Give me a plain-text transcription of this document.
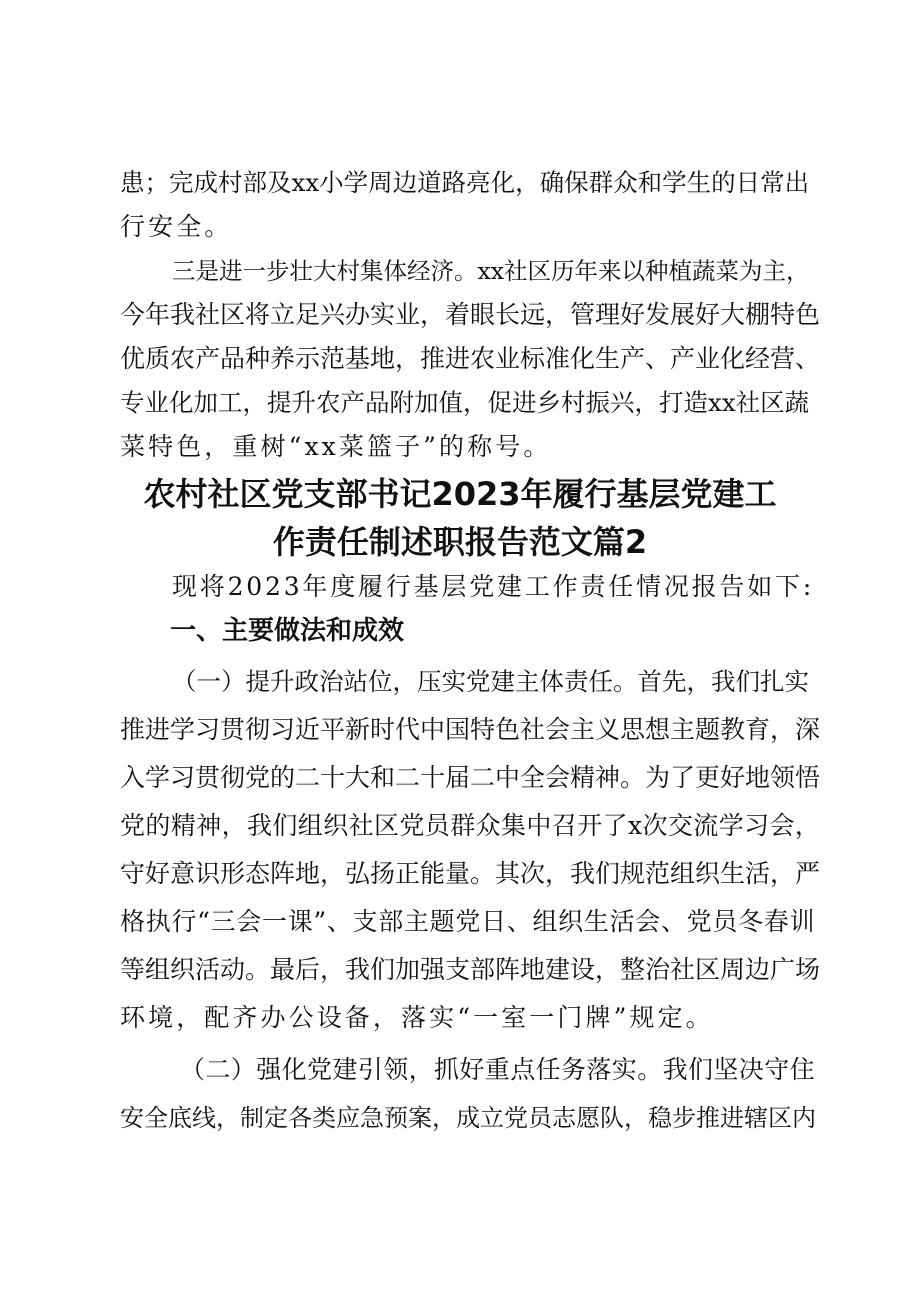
患；完成村部及xx小学周边道路亮化，确保群众和学生的日常出
行安全。
三是进一步壮大村集体经济。xx社区历年来以种植蔬菜为主，
今年我社区将立足兴办实业，着眼长远，管理好发展好大棚特色
优质农产品种养示范基地，推进农业标准化生产、产业化经营、
专业化加工，提升农产品附加值，促进乡村振兴，打造xx社区蔬
菜特色，重树“xx菜篮子”的称号。
农村社区党支部书记2023年履行基层党建工
作责任制述职报告范文篇2
现将2023年度履行基层党建工作责任情况报告如下:
一、主要做法和成效
（一）提升政治站位，压实党建主体责任。首先，我们扎实
推进学习贯彻习近平新时代中国特色社会主义思想主题教育，深
入学习贯彻党的二十大和二十届二中全会精神。为了更好地领悟
党的精神，我们组织社区党员群众集中召开了x次交流学习会，
守好意识形态阵地，弘扬正能量。其次，我们规范组织生活，严
格执行“三会一课”、支部主题党日、组织生活会、党员冬春训
等组织活动。最后，我们加强支部阵地建设，整治社区周边广场
环境，配齐办公设备，落实“一室一门牌”规定。
（二）强化党建引领，抓好重点任务落实。我们坚决守住
安全底线，制定各类应急预案，成立党员志愿队，稳步推进辖区内
